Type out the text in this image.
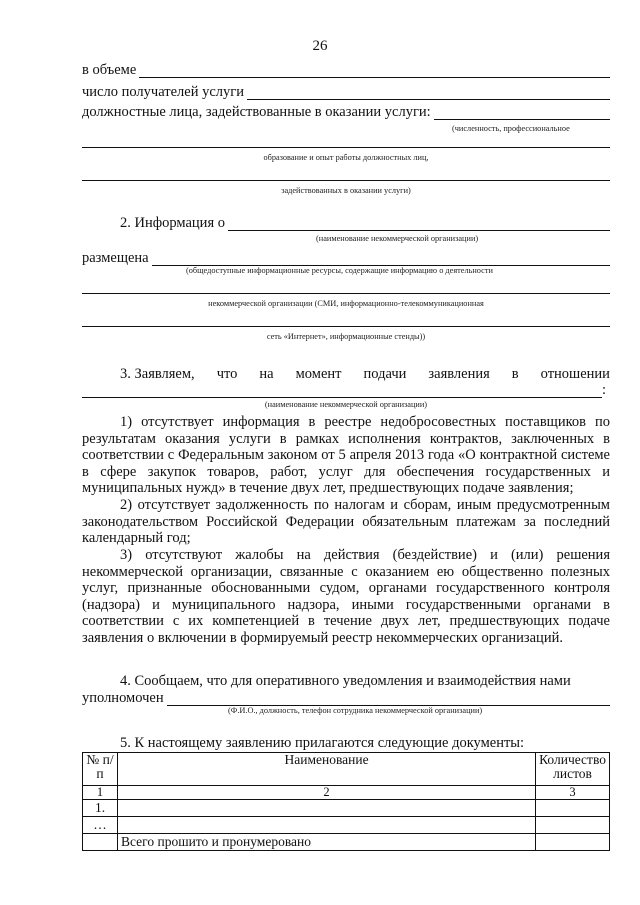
26
в объеме
число получателей услуги
должностные лица, задействованные в оказании услуги:
(численность, профессиональное
образование и опыт работы должностных лиц,
задействованных в оказании услуги)
2. Информация о
(наименование некоммерческой организации)
размещена
(общедоступные информационные ресурсы, содержащие информацию о деятельности
некоммерческой организации (СМИ, информационно-телекоммуникационная
сеть «Интернет», информационные стенды))
3. Заявляем, что на момент подачи заявления в отношении
:
(наименование некоммерческой организации)
1) отсутствует информация в реестре недобросовестных поставщиков по результатам оказания услуги в рамках исполнения контрактов, заключенных в соответствии с Федеральным законом от 5 апреля 2013 года «О контрактной системе в сфере закупок товаров, работ, услуг для обеспечения государственных и муниципальных нужд» в течение двух лет, предшествующих подаче заявления;
2) отсутствует задолженность по налогам и сборам, иным предусмотренным законодательством Российской Федерации обязательным платежам за последний календарный год;
3) отсутствуют жалобы на действия (бездействие) и (или) решения некоммерческой организации, связанные с оказанием ею общественно полезных услуг, признанные обоснованными судом, органами государственного контроля (надзора) и муниципального надзора, иными государственными органами в соответствии с их компетенцией в течение двух лет, предшествующих подаче заявления о включении в формируемый реестр некоммерческих организаций.
4. Сообщаем, что для оперативного уведомления и взаимодействия нами
уполномочен
(Ф.И.О., должность, телефон сотрудника некоммерческой организации)
5. К настоящему заявлению прилагаются следующие документы:
№ п/п	Наименование	Количество листов
1	2	3
1.		
…		
	Всего прошито и пронумеровано	
